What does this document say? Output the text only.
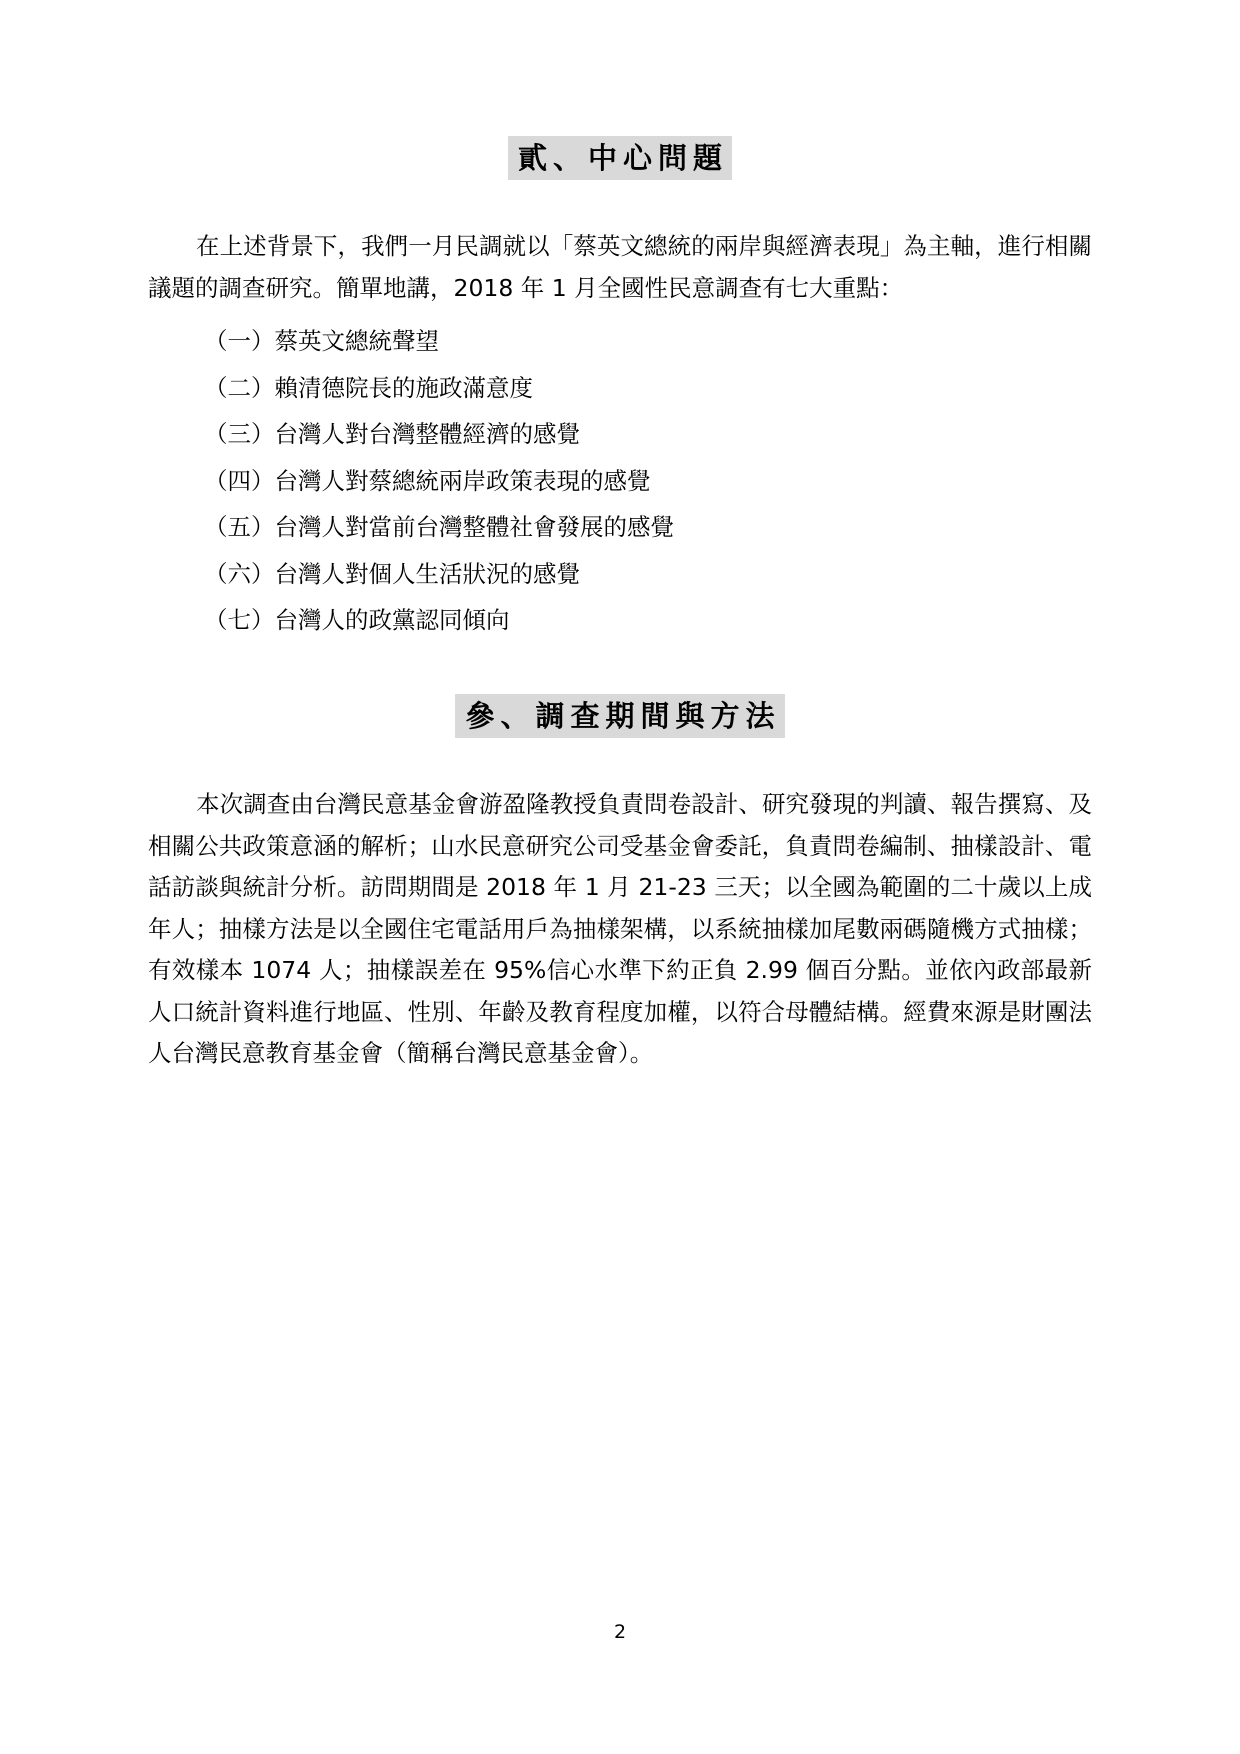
貳、中心問題

在上述背景下，我們一月民調就以「蔡英文總統的兩岸與經濟表現」為主軸，進行相關議題的調查研究。簡單地講，2018 年 1 月全國性民意調查有七大重點：

（一）蔡英文總統聲望
（二）賴清德院長的施政滿意度
（三）台灣人對台灣整體經濟的感覺
（四）台灣人對蔡總統兩岸政策表現的感覺
（五）台灣人對當前台灣整體社會發展的感覺
（六）台灣人對個人生活狀況的感覺
（七）台灣人的政黨認同傾向
參、調查期間與方法

本次調查由台灣民意基金會游盈隆教授負責問卷設計、研究發現的判讀、報告撰寫、及相關公共政策意涵的解析；山水民意研究公司受基金會委託，負責問卷編制、抽樣設計、電話訪談與統計分析。訪問期間是 2018 年 1 月 21-23 三天；以全國為範圍的二十歲以上成年人；抽樣方法是以全國住宅電話用戶為抽樣架構，以系統抽樣加尾數兩碼隨機方式抽樣；有效樣本 1074 人；抽樣誤差在 95%信心水準下約正負 2.99 個百分點。並依內政部最新人口統計資料進行地區、性別、年齡及教育程度加權，以符合母體結構。經費來源是財團法人台灣民意教育基金會（簡稱台灣民意基金會）。

2
